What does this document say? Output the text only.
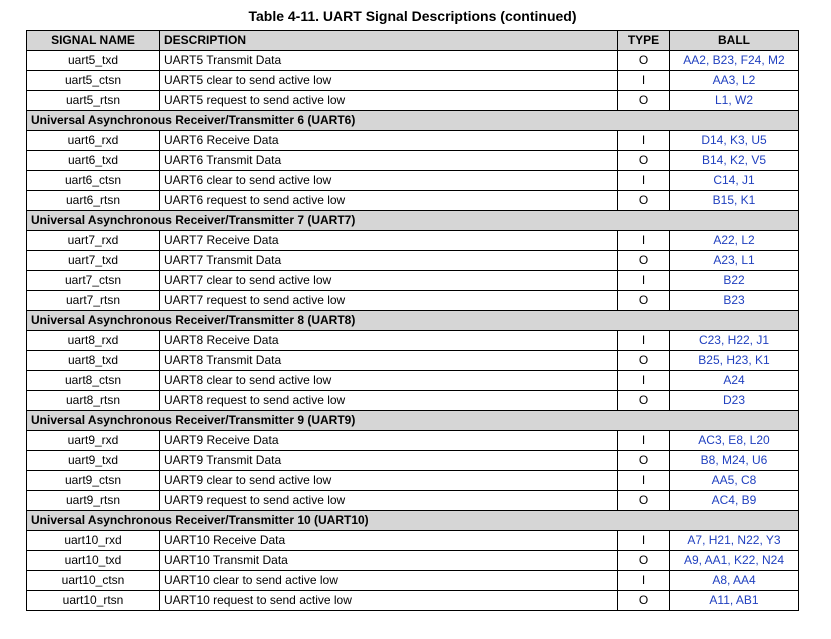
Table 4-11. UART Signal Descriptions (continued)
SIGNAL NAME	DESCRIPTION	TYPE	BALL
uart5_txd	UART5 Transmit Data	O	AA2, B23, F24, M2
uart5_ctsn	UART5 clear to send active low	I	AA3, L2
uart5_rtsn	UART5 request to send active low	O	L1, W2
Universal Asynchronous Receiver/Transmitter 6 (UART6)			
uart6_rxd	UART6 Receive Data	I	D14, K3, U5
uart6_txd	UART6 Transmit Data	O	B14, K2, V5
uart6_ctsn	UART6 clear to send active low	I	C14, J1
uart6_rtsn	UART6 request to send active low	O	B15, K1
Universal Asynchronous Receiver/Transmitter 7 (UART7)			
uart7_rxd	UART7 Receive Data	I	A22, L2
uart7_txd	UART7 Transmit Data	O	A23, L1
uart7_ctsn	UART7 clear to send active low	I	B22
uart7_rtsn	UART7 request to send active low	O	B23
Universal Asynchronous Receiver/Transmitter 8 (UART8)			
uart8_rxd	UART8 Receive Data	I	C23, H22, J1
uart8_txd	UART8 Transmit Data	O	B25, H23, K1
uart8_ctsn	UART8 clear to send active low	I	A24
uart8_rtsn	UART8 request to send active low	O	D23
Universal Asynchronous Receiver/Transmitter 9 (UART9)			
uart9_rxd	UART9 Receive Data	I	AC3, E8, L20
uart9_txd	UART9 Transmit Data	O	B8, M24, U6
uart9_ctsn	UART9 clear to send active low	I	AA5, C8
uart9_rtsn	UART9 request to send active low	O	AC4, B9
Universal Asynchronous Receiver/Transmitter 10 (UART10)			
uart10_rxd	UART10 Receive Data	I	A7, H21, N22, Y3
uart10_txd	UART10 Transmit Data	O	A9, AA1, K22, N24
uart10_ctsn	UART10 clear to send active low	I	A8, AA4
uart10_rtsn	UART10 request to send active low	O	A11, AB1
